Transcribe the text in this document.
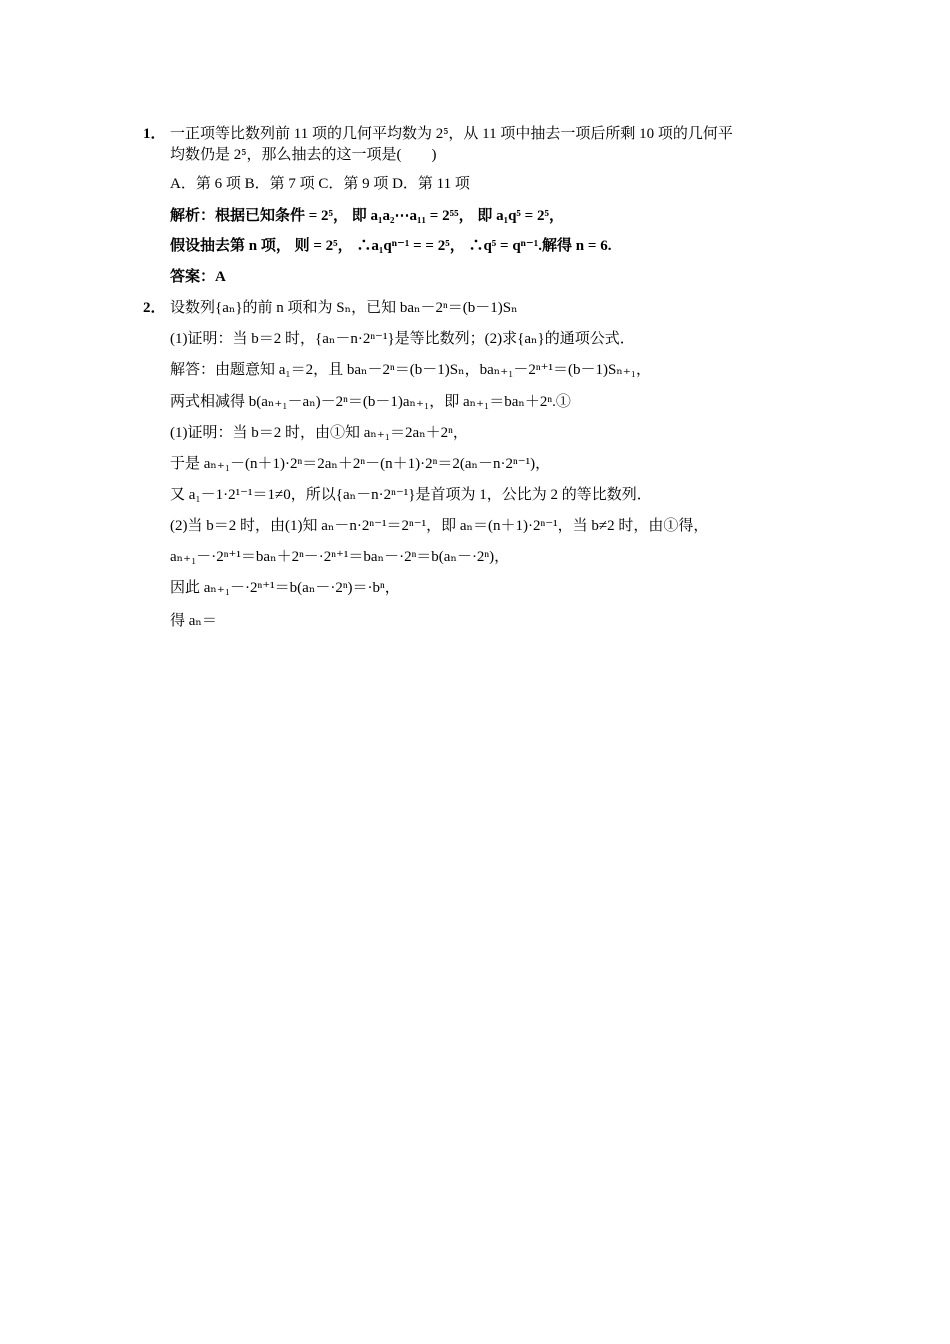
1． 一正项等比数列前 11 项的几何平均数为 2⁵，从 11 项中抽去一项后所剩 10 项的几何平
均数仍是 2⁵，那么抽去的这一项是(　　)
A．第 6 项 B．第 7 项 C．第 9 项 D．第 11 项
解析：根据已知条件 = 2⁵， 即 a₁a₂⋯a₁₁ = 2⁵⁵， 即 a₁q⁵ = 2⁵，
假设抽去第 n 项， 则 = 2⁵， ∴a₁qⁿ⁻¹ = = 2⁵， ∴q⁵ = qⁿ⁻¹.解得 n = 6.
答案：A
2． 设数列{aₙ}的前 n 项和为 Sₙ，已知 baₙ－2ⁿ＝(b－1)Sₙ
(1)证明：当 b＝2 时，{aₙ－n·2ⁿ⁻¹}是等比数列；(2)求{aₙ}的通项公式．
解答：由题意知 a₁＝2，且 baₙ－2ⁿ＝(b－1)Sₙ，baₙ₊₁－2ⁿ⁺¹＝(b－1)Sₙ₊₁，
两式相减得 b(aₙ₊₁－aₙ)－2ⁿ＝(b－1)aₙ₊₁，即 aₙ₊₁＝baₙ＋2ⁿ.①
(1)证明：当 b＝2 时，由①知 aₙ₊₁＝2aₙ＋2ⁿ，
于是 aₙ₊₁－(n＋1)·2ⁿ＝2aₙ＋2ⁿ－(n＋1)·2ⁿ＝2(aₙ－n·2ⁿ⁻¹)，
又 a₁－1·2¹⁻¹＝1≠0，所以{aₙ－n·2ⁿ⁻¹}是首项为 1，公比为 2 的等比数列．
(2)当 b＝2 时，由(1)知 aₙ－n·2ⁿ⁻¹＝2ⁿ⁻¹，即 aₙ＝(n＋1)·2ⁿ⁻¹，当 b≠2 时，由①得，
aₙ₊₁－·2ⁿ⁺¹＝baₙ＋2ⁿ－·2ⁿ⁺¹＝baₙ－·2ⁿ＝b(aₙ－·2ⁿ)，
因此 aₙ₊₁－·2ⁿ⁺¹＝b(aₙ－·2ⁿ)＝·bⁿ，
得 aₙ＝
